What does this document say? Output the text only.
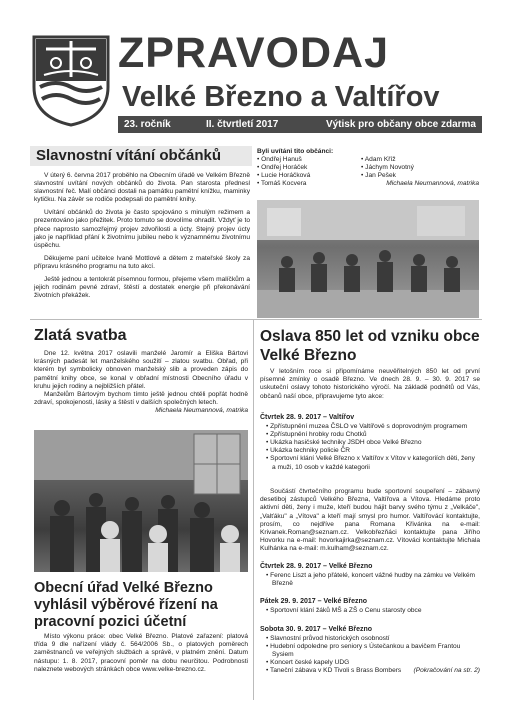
ZPRAVODAJ
Velké Březno a Valtířov
23. ročník	II. čtvrtletí 2017	Výtisk pro občany obce zdarma
Slavnostní vítání občánků

V úterý 6. června 2017 proběhlo na Obecním úřadě ve Velkém Březně slavnostní uvítání nových občánků do života. Pan starosta přednesl slavnostní řeč. Malí občánci dostali na památku pamětní knížku, maminky kytičku. Na závěr se rodiče podepsali do pamětní knihy.

Uvítání občánků do života je často spojováno s minulým režimem a prezentováno jako přežitek. Proto tomuto se dovolíme ohradit. Vždyť je to přece naprosto samozřejmý projev zdvořilosti a úcty. Stejný projev úcty jako je například přání k životnímu jubileu nebo k významnému životnímu úspěchu.

Děkujeme paní učitelce Ivaně Mottlové a dětem z mateřské školy za přípravu krásného programu na tuto akcí.

Ještě jednou a tentokrát písemnou formou, přejeme všem malíčkům a jejich rodinám pevné zdraví, štěstí a dostatek energie při překonávání životních překážek.

Byli uvítáni tito občánci:
• Ondřej Hanuš
• Ondřej Horáček
• Lucie Horáčková
• Tomáš Kocvera
• Adam Kříž
• Jáchym Novotný
• Jan Pešek
Michaela Neumannová, matrika
Zlatá svatba

Dne 12. května 2017 oslavili manželé Jaromír a Eliška Bártovi krásných padesát let manželského soužití – zlatou svatbu. Obřad, při kterém byl symbolicky obnoven manželský slib a proveden zápis do pamětní knihy obce, se konal v obřadní místnosti Obecního úřadu v kruhu jejich rodiny a nejbližších přátel.

Manželům Bártovým bychom tímto ještě jednou chtěli popřát hodně zdraví, spokojenosti, lásky a štěstí v dalších společných letech.

Michaela Neumannová, matrika

Obecní úřad Velké Březno vyhlásil výběrové řízení na pracovní pozici účetní

Místo výkonu práce: obec Velké Březno. Platové zařazení: platová třída 9 dle nařízení vlády č. 564/2006 Sb., o platových poměrech zaměstnanců ve veřejných službách a správě, v platném znění. Datum nástupu: 1. 8. 2017, pracovní poměr na dobu neurčitou. Podrobnosti naleznete webových stránkách obce www.velke-brezno.cz.

Oslava 850 let od vzniku obce Velké Březno
V letošním roce si připomínáme neuvěřitelných 850 let od první písemné zmínky o osadě Březno. Ve dnech 28. 9. – 30. 9. 2017 se uskuteční oslavy tohoto historického výročí. Na základě podnětů od Vás, občanů naší obce, připravujeme tyto akce:
Čtvrtek 28. 9. 2017 – Valtířov
• Zpřístupnění muzea ČSLO ve Valtířově s doprovodným programem
• Zpřístupnění hrobky rodu Chotků
• Ukázka hasičské techniky JSDH obce Velké Březno
• Ukázka techniky policie ČR
• Sportovní klání Velké Březno x Valtířov x Vítov v kategoriích děti, ženy a muži, 10 osob v každé kategorii
Součástí čtvrtečního programu bude sportovní soupeření – zábavný desetiboj zástupců Velkého Března, Valtířova a Vítova. Hledáme proto aktivní děti, ženy i muže, kteří budou hájit barvy svého týmu z „Velkáče", „Valťáku" a „Vítova" a kteří mají smysl pro humor. Valtířovácí kontaktujte, prosím, co nejdříve pana Romana Křivánka na e-mail: Krivanek.Roman@seznam.cz. Velkobřezňáci kontaktujte pana Jiřího Hovorku na e-mail: hovorkajirka@seznam.cz. Vítováci kontaktujte Michala Kulhánka na e-mail: m.kulham@seznam.cz.
Čtvrtek 28. 9. 2017 – Velké Březno
• Ferenc Liszt a jeho přátelé, koncert vážné hudby na zámku ve Velkém Březně
Pátek 29. 9. 2017 – Velké Březno
• Sportovní klání žáků MŠ a ZŠ o Cenu starosty obce
Sobota 30. 9. 2017 – Velké Březno
• Slavnostní průvod historických osobností
• Hudební odpoledne pro seniory s Ústečankou a bavičem Frantou Sysiem
• Koncert české kapely UDG
• Taneční zábava v KD Tivoli s Brass Bombers (Pokračování na str. 2)
